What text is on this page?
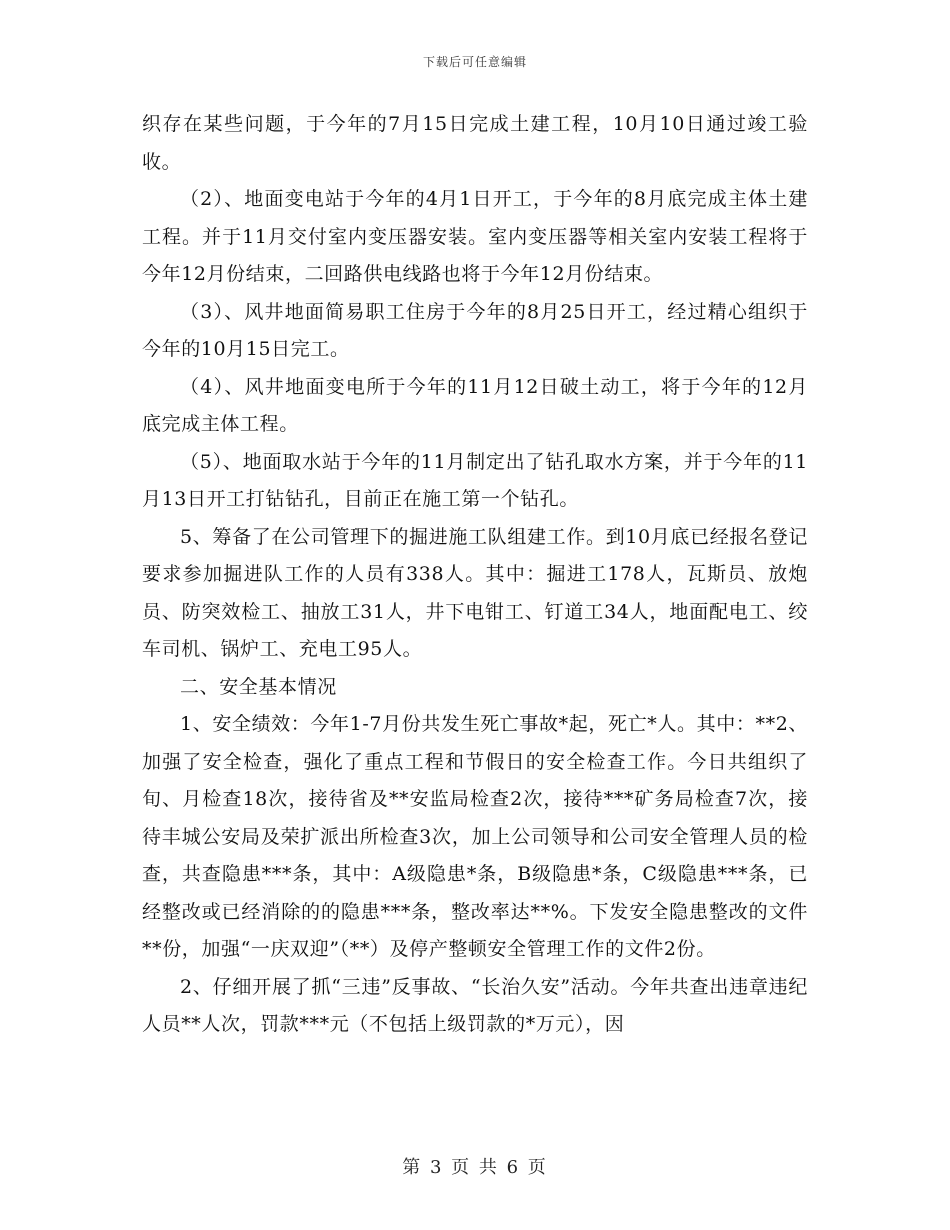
下载后可任意编辑

织存在某些问题，于今年的7月15日完成土建工程，10月10日通过竣工验收。

（2）、地面变电站于今年的4月1日开工，于今年的8月底完成主体土建工程。并于11月交付室内变压器安装。室内变压器等相关室内安装工程将于今年12月份结束，二回路供电线路也将于今年12月份结束。

（3）、风井地面简易职工住房于今年的8月25日开工，经过精心组织于今年的10月15日完工。

（4）、风井地面变电所于今年的11月12日破土动工，将于今年的12月底完成主体工程。

（5）、地面取水站于今年的11月制定出了钻孔取水方案，并于今年的11月13日开工打钻钻孔，目前正在施工第一个钻孔。

5、筹备了在公司管理下的掘进施工队组建工作。到10月底已经报名登记要求参加掘进队工作的人员有338人。其中：掘进工178人，瓦斯员、放炮员、防突效检工、抽放工31人，井下电钳工、钉道工34人，地面配电工、绞车司机、锅炉工、充电工95人。

二、安全基本情况

1、安全绩效：今年1-7月份共发生死亡事故*起，死亡*人。其中：**2、加强了安全检查，强化了重点工程和节假日的安全检查工作。今日共组织了旬、月检查18次，接待省及**安监局检查2次，接待***矿务局检查7次，接待丰城公安局及荣扩派出所检查3次，加上公司领导和公司安全管理人员的检查，共查隐患***条，其中：A级隐患*条，B级隐患*条，C级隐患***条，已经整改或已经消除的的隐患***条，整改率达**%。下发安全隐患整改的文件**份，加强“一庆双迎”（**）及停产整顿安全管理工作的文件2份。

2、仔细开展了抓“三违”反事故、“长治久安”活动。今年共查出违章违纪人员**人次，罚款***元（不包括上级罚款的*万元），因

第 3 页 共 6 页
